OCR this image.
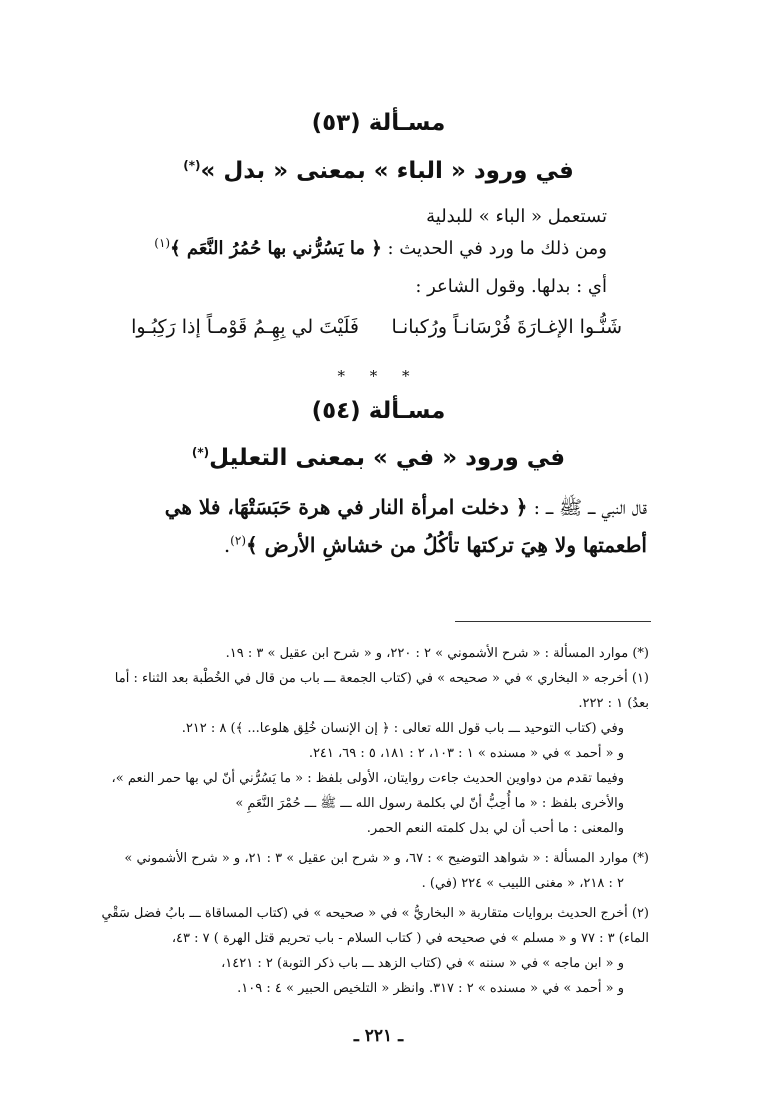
مسـألة (٥٣)
في ورود « الباء » بمعنى « بدل »(*)
تستعمل « الباء » للبدلية
ومن ذلك ما ورد في الحديث : ﴿ ما يَسُرُّني بها حُمُرُ النَّعَم ﴾$^{(١)}$
أي : بدلها. وقول الشاعر :
فَلَيْتَ لي بِهِـمُ قَوْمـاً إذا رَكِبُـوا شَنُّـوا الإغـارَةَ فُرْسَانـاً ورُكبانـا
* * *
مسـألة (٥٤)
في ورود « في » بمعنى التعليل(*)
قال النبي ـــ ﷺ ـــ : ﴿ دخلت امرأة النار في هرة حَبَسَتْهَا، فلا هي
أطعمتها ولا هِيَ تركتها تأكُلُ من خشاشِ الأرض ﴾$^{(٢)}$.
(*) موارد المسألة : « شرح الأشموني » ٢ : ٢٢٠، و « شرح ابن عقيل » ٣ : ١٩.
(١) أخرجه « البخاري » في « صحيحه » في (كتاب الجمعة ـــ باب من قال في الخُطْبة بعد الثناء : أما
بعدُ) ١ : ٢٢٢.
وفي (كتاب التوحيد ـــ باب قول الله تعالى : ﴿ إن الإنسان خُلِق هلوعا... ﴾) ٨ : ٢١٢.
و « أحمد » في « مسنده » ١ : ١٠٣، ٢ : ١٨١، ٥ : ٦٩، ٢٤١.
وفيما تقدم من دواوين الحديث جاءت روايتان، الأولى بلفظ : « ما يَسُرُّني أنّ لي بها حمر النعم »،
والأخرى بلفظ : « ما أُحِبُّ أنّ لي بكلمة رسول الله ـــ ﷺ ـــ حُمْرَ النَّعَمِ »
والمعنى : ما أحب أن لي بدل كلمته النعم الحمر.
(*) موارد المسألة : « شواهد التوضيح » : ٦٧، و « شرح ابن عقيل » ٣ : ٢١، و « شرح الأشموني »
٢ : ٢١٨، « مغنى اللبيب » ٢٢٤ (في) .
(٢) أخرج الحديث بروايات متقاربة « البخاريُّ » في « صحيحه » في (كتاب المساقاة ـــ بابُ فضل سَقْيِ
الماء) ٣ : ٧٧ و « مسلم » في صحيحه في ( كتاب السلام - باب تحريم قتل الهرة ) ٧ : ٤٣،
و « ابن ماجه » في « سننه » في (كتاب الزهد ـــ باب ذكر التوبة) ٢ : ١٤٢١،
و « أحمد » في « مسنده » ٢ : ٣١٧. وانظر « التلخيص الحبير » ٤ : ١٠٩.
ـ ٢٢١ ـ
